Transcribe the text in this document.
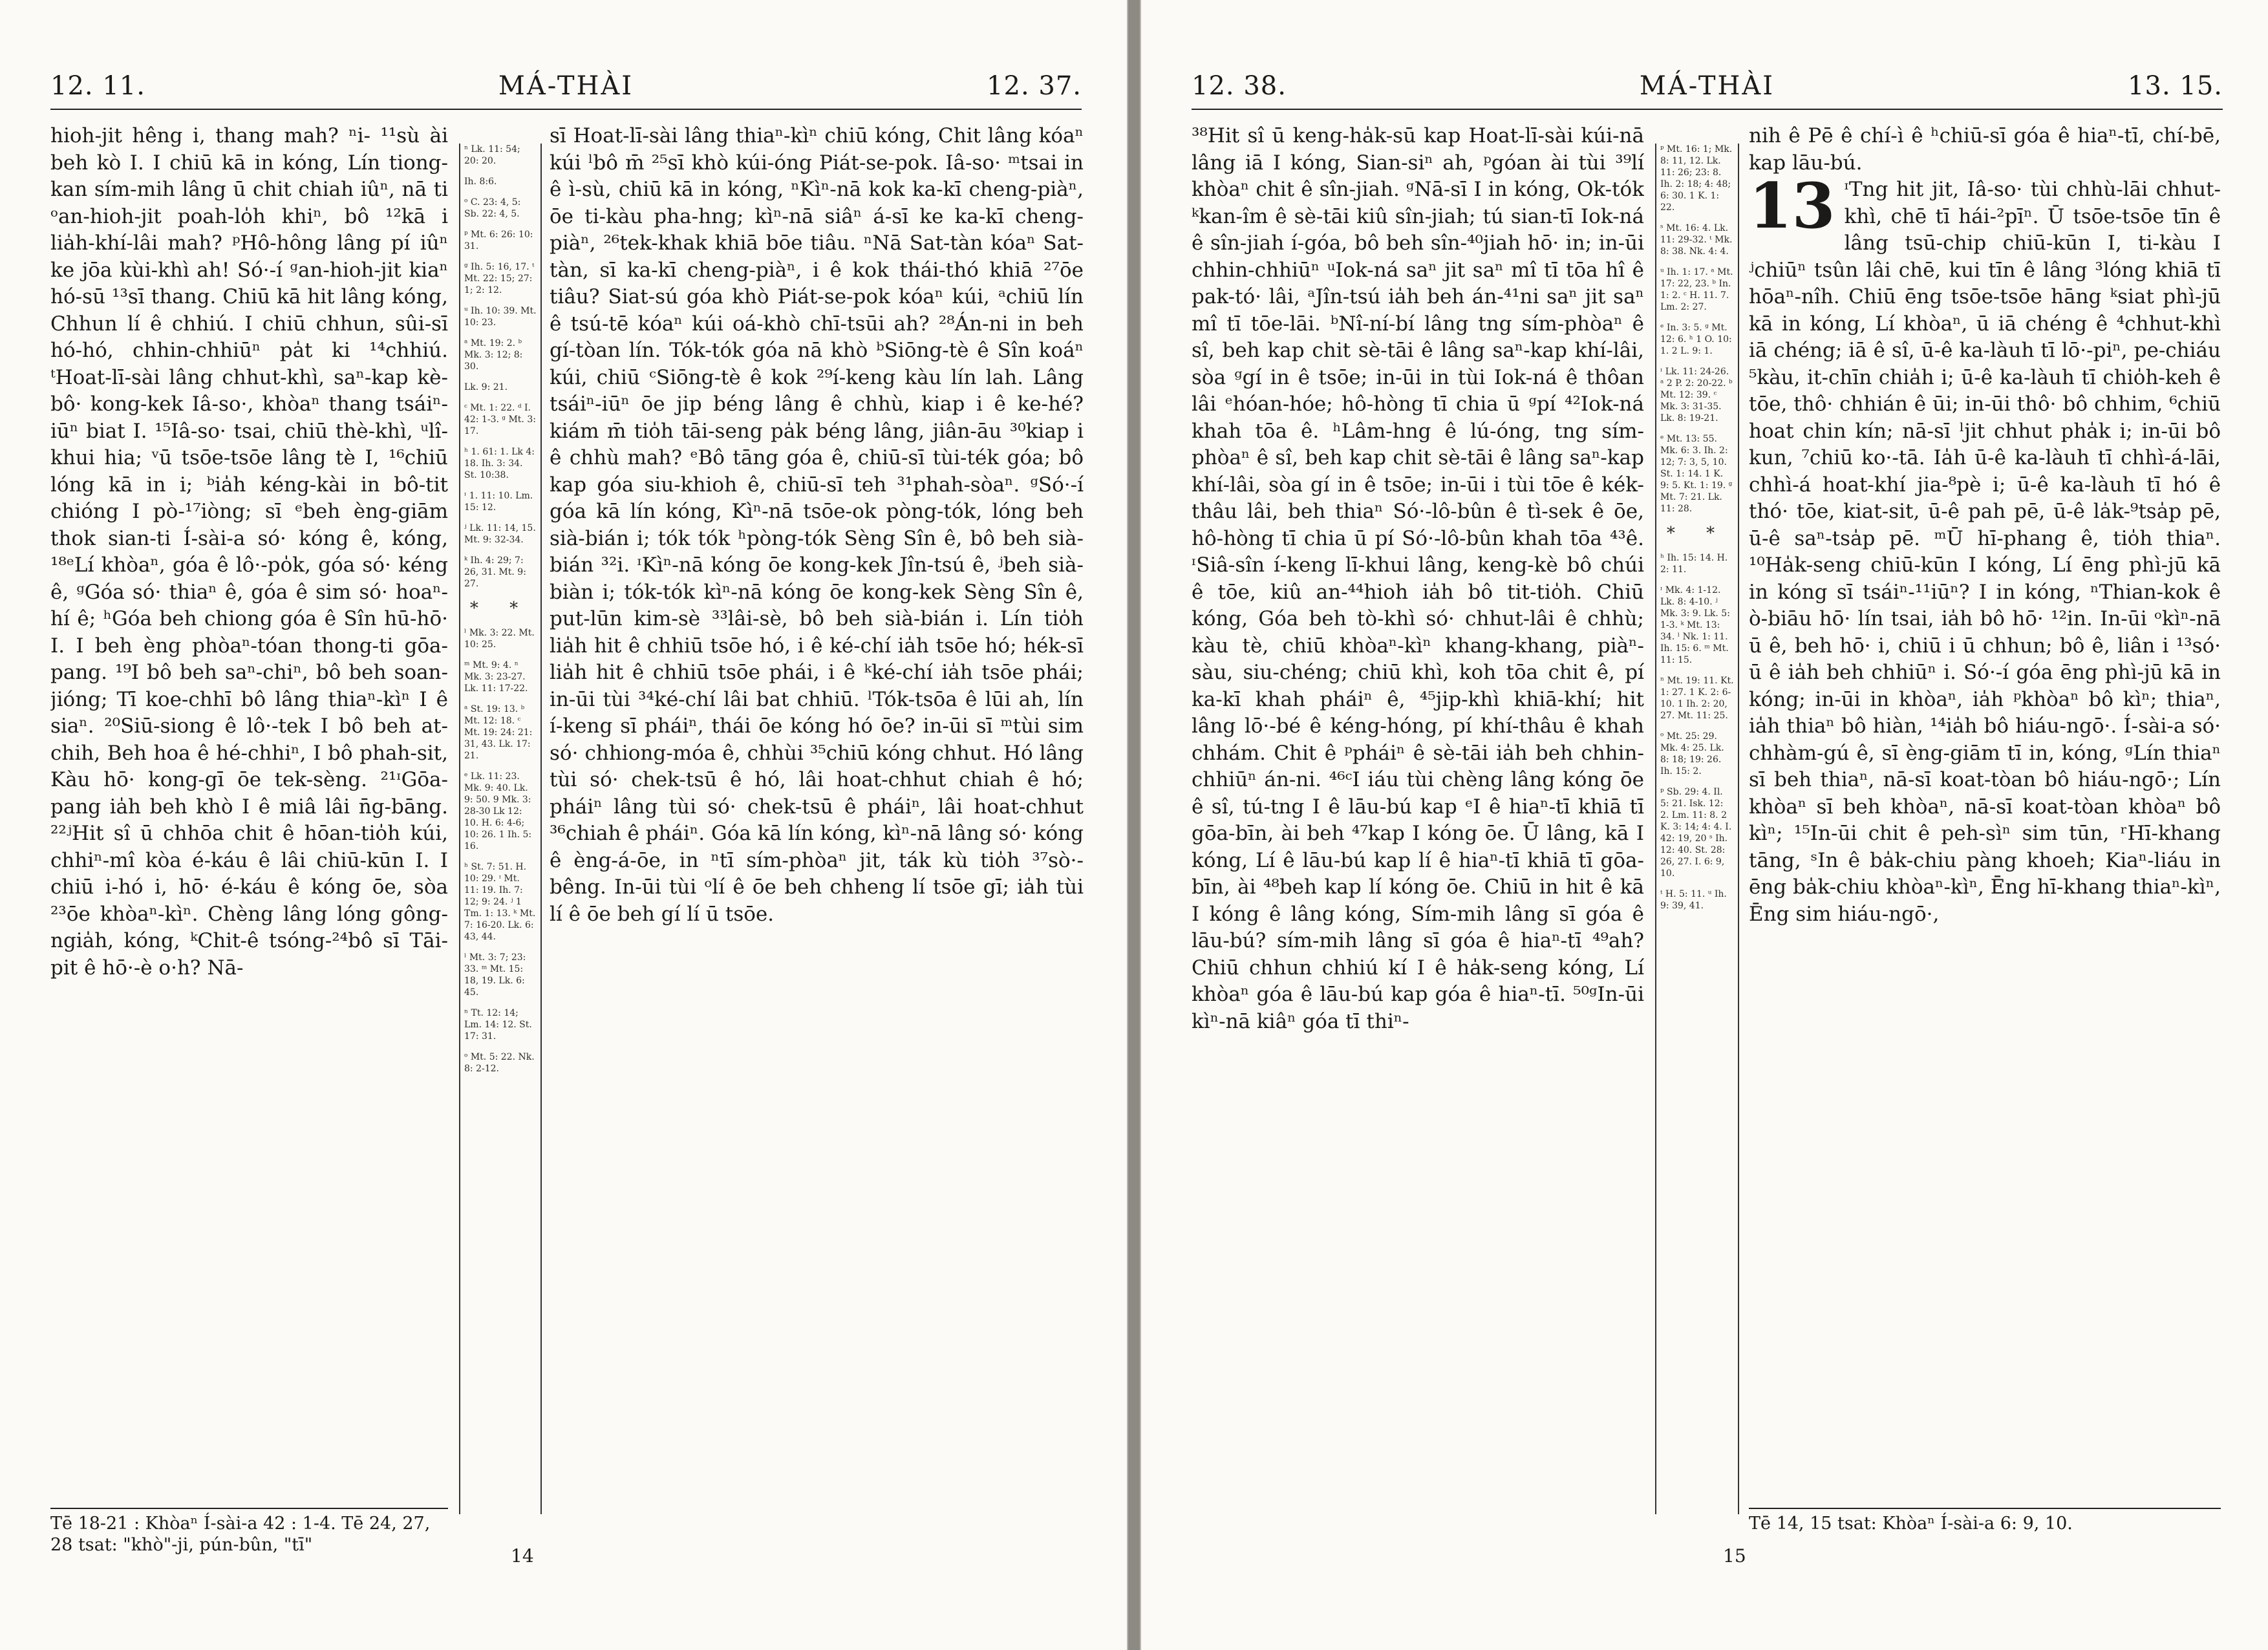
12. 11.	MÁ-THÀI	12. 37.

hioh-jit hêng i, thang mah? ⁿi- ¹¹sù ài beh kò I. I chiū kā in kóng, Lín tiong-kan sím-mih lâng ū chit chiah iûⁿ, nā ti ᵒan-hioh-jit poah-lo̍h khiⁿ, bô ¹²kā i lia̍h-khí-lâi mah? ᵖHô-hông lâng pí iûⁿ ke jōa kùi-khì ah! Só·-í ᵍan-hioh-jit kiaⁿ hó-sū ¹³sī thang. Chiū kā hit lâng kóng, Chhun lí ê chhiú. I chiū chhun, sûi-sī hó-hó, chhin-chhiūⁿ pa̍t ki ¹⁴chhiú. ᵗHoat-lī-sài lâng chhut-khì, saⁿ-kap kè-bô· kong-kek Iâ-so·, khòaⁿ thang tsáiⁿ-iūⁿ biat I. ¹⁵Iâ-so· tsai, chiū thè-khì, ᵘlî-khui hia; ᵛū tsōe-tsōe lâng tè I, ¹⁶chiū lóng kā in i; ᵇia̍h kéng-kài in bô-tit chióng I pò-¹⁷iòng; sī ᵉbeh èng-giām thok sian-ti Í-sài-a só· kóng ê, kóng, ¹⁸ᵉLí khòaⁿ, góa ê lô·-po̍k, góa só· kéng ê, ᵍGóa só· thiaⁿ ê, góa ê sim só· hoaⁿ-hí ê; ʰGóa beh chiong góa ê Sîn hū-hō· I. I beh èng phòaⁿ-tóan thong-ti gōa-pang. ¹⁹I bô beh saⁿ-chiⁿ, bô beh soan-jióng; Tī koe-chhī bô lâng thiaⁿ-kìⁿ I ê siaⁿ. ²⁰Siū-siong ê lô·-tek I bô beh at-chih, Beh hoa ê hé-chhiⁿ, I bô phah-sit, Kàu hō· kong-gī ōe tek-sèng. ²¹ᶦGōa-pang ia̍h beh khò I ê miâ lâi n̄g-bāng. ²²ʲHit sî ū chhōa chit ê hōan-tio̍h kúi, chhiⁿ-mî kòa é-káu ê lâi chiū-kūn I. I chiū i-hó i, hō· é-káu ê kóng ōe, sòa ²³ōe khòaⁿ-kìⁿ. Chèng lâng lóng gông-ngia̍h, kóng, ᵏChit-ê tsóng-²⁴bô sī Tāi-pit ê hō·-è o·h? Nā-

ⁿ Lk. 11: 54; 20: 20.
Ih. 8:6.
ᵒ C. 23: 4, 5: Sb. 22: 4, 5.
ᵖ Mt. 6: 26: 10: 31.
ᵍ Ih. 5: 16, 17. ᵗ Mt. 22: 15; 27: 1; 2: 12.
ᵘ Ih. 10: 39. Mt. 10: 23.
ᵃ Mt. 19: 2. ᵇ Mk. 3: 12; 8: 30.
Lk. 9: 21.
ᶜ Mt. 1: 22. ᵈ I. 42: 1-3. ᵍ Mt. 3: 17.
ʰ 1. 61: 1. Lk 4: 18. Ih. 3: 34. St. 10:38.
ᶦ 1. 11: 10. Lm. 15: 12.
ʲ Lk. 11: 14, 15. Mt. 9: 32-34.
ᵏ Ih. 4: 29; 7: 26, 31. Mt. 9: 27.
* *
ˡ Mk. 3: 22. Mt. 10: 25.
ᵐ Mt. 9: 4. ⁿ Mk. 3: 23-27. Lk. 11: 17-22.
ᵃ St. 19: 13. ᵇ Mt. 12: 18. ᶜ Mt. 19: 24: 21: 31, 43. Lk. 17: 21.
ᵉ Lk. 11: 23. Mk. 9: 40. Lk. 9: 50. 9 Mk. 3: 28-30 Lk 12: 10. H. 6: 4-6; 10: 26. 1 Ih. 5: 16.
ʰ St. 7: 51. H. 10: 29. ᶦ Mt. 11: 19. Ih. 7: 12; 9: 24. ʲ 1 Tm. 1: 13. ᵏ Mt. 7: 16-20. Lk. 6: 43, 44.
ˡ Mt. 3: 7; 23: 33. ᵐ Mt. 15: 18, 19. Lk. 6: 45.
ⁿ Tt. 12: 14; Lm. 14: 12. St. 17: 31.
ᵒ Mt. 5: 22. Nk. 8: 2-12.

sī Hoat-lī-sài lâng thiaⁿ-kìⁿ chiū kóng, Chit lâng kóaⁿ kúi ˡbô m̄ ²⁵sī khò kúi-óng Piát-se-pok. Iâ-so· ᵐtsai in ê ì-sù, chiū kā in kóng, ⁿKìⁿ-nā kok ka-kī cheng-piàⁿ, ōe ti-kàu pha-hng; kìⁿ-nā siâⁿ á-sī ke ka-kī cheng-piàⁿ, ²⁶tek-khak khiā bōe tiâu. ⁿNā Sat-tàn kóaⁿ Sat-tàn, sī ka-kī cheng-piàⁿ, i ê kok thái-thó khiā ²⁷ōe tiâu? Siat-sú góa khò Piát-se-pok kóaⁿ kúi, ᵃchiū lín ê tsú-tē kóaⁿ kúi oá-khò chī-tsūi ah? ²⁸Án-ni in beh gí-tòan lín. Tók-tók góa nā khò ᵇSiōng-tè ê Sîn koáⁿ kúi, chiū ᶜSiōng-tè ê kok ²⁹í-keng kàu lín lah. Lâng tsáiⁿ-iūⁿ ōe jip béng lâng ê chhù, kiap i ê ke-hé? kiám m̄ tio̍h tāi-seng pa̍k béng lâng, jiân-āu ³⁰kiap i ê chhù mah? ᵉBô tāng góa ê, chiū-sī tùi-ték góa; bô kap góa siu-khioh ê, chiū-sī teh ³¹phah-sòaⁿ. ᵍSó·-í góa kā lín kóng, Kìⁿ-nā tsōe-ok pòng-tók, lóng beh sià-bián i; tók tók ʰpòng-tók Sèng Sîn ê, bô beh sià-bián ³²i. ᶦKìⁿ-nā kóng ōe kong-kek Jîn-tsú ê, ʲbeh sià-biàn i; tók-tók kìⁿ-nā kóng ōe kong-kek Sèng Sîn ê, put-lūn kim-sè ³³lâi-sè, bô beh sià-bián i. Lín tio̍h lia̍h hit ê chhiū tsōe hó, i ê ké-chí ia̍h tsōe hó; hék-sī lia̍h hit ê chhiū tsōe phái, i ê ᵏké-chí ia̍h tsōe phái; in-ūi tùi ³⁴ké-chí lâi bat chhiū. ˡTók-tsōa ê lūi ah, lín í-keng sī pháiⁿ, thái ōe kóng hó ōe? in-ūi sī ᵐtùi sim só· chhiong-móa ê, chhùi ³⁵chiū kóng chhut. Hó lâng tùi só· chek-tsū ê hó, lâi hoat-chhut chiah ê hó; pháiⁿ lâng tùi só· chek-tsū ê pháiⁿ, lâi hoat-chhut ³⁶chiah ê pháiⁿ. Góa kā lín kóng, kìⁿ-nā lâng só· kóng ê èng-á-ōe, in ⁿtī sím-phòaⁿ jit, ták kù tio̍h ³⁷sò·-bêng. In-ūi tùi ᵒlí ê ōe beh chheng lí tsōe gī; ia̍h tùi lí ê ōe beh gí lí ū tsōe.

Tē 18-21 : Khòaⁿ Í-sài-a 42 : 1-4. Tē 24, 27, 28 tsat: "khò"-ji, pún-bûn, "tī"
14
12. 38.	MÁ-THÀI	13. 15.

³⁸Hit sî ū keng-ha̍k-sū kap Hoat-lī-sài kúi-nā lâng iā I kóng, Sian-siⁿ ah, ᵖgóan ài tùi ³⁹lí khòaⁿ chit ê sîn-jiah. ᵍNā-sī I in kóng, Ok-tók ᵏkan-îm ê sè-tāi kiû sîn-jiah; tú sian-tī Iok-ná ê sîn-jiah í-góa, bô beh sîn-⁴⁰jiah hō· in; in-ūi chhin-chhiūⁿ ᵘIok-ná saⁿ jit saⁿ mî tī tōa hî ê pak-tó· lâi, ᵃJîn-tsú ia̍h beh án-⁴¹ni saⁿ jit saⁿ mî tī tōe-lāi. ᵇNî-ní-bí lâng tng sím-phòaⁿ ê sî, beh kap chit sè-tāi ê lâng saⁿ-kap khí-lâi, sòa ᵍgí in ê tsōe; in-ūi in tùi Iok-ná ê thôan lâi ᵉhóan-hóe; hô-hòng tī chia ū ᵍpí ⁴²Iok-ná khah tōa ê. ʰLâm-hng ê lú-óng, tng sím-phòaⁿ ê sî, beh kap chit sè-tāi ê lâng saⁿ-kap khí-lâi, sòa gí in ê tsōe; in-ūi i tùi tōe ê kék-thâu lâi, beh thiaⁿ Só·-lô-bûn ê tì-sek ê ōe, hô-hòng tī chia ū pí Só·-lô-bûn khah tōa ⁴³ê. ᶦSiâ-sîn í-keng lī-khui lâng, keng-kè bô chúi ê tōe, kiû an-⁴⁴hioh ia̍h bô tit-tio̍h. Chiū kóng, Góa beh tò-khì só· chhut-lâi ê chhù; kàu tè, chiū khòaⁿ-kìⁿ khang-khang, piàⁿ-sàu, siu-chéng; chiū khì, koh tōa chit ê, pí ka-kī khah pháiⁿ ê, ⁴⁵jip-khì khiā-khí; hit lâng lō·-bé ê kéng-hóng, pí khí-thâu ê khah chhám. Chit ê ᵖpháiⁿ ê sè-tāi ia̍h beh chhin-chhiūⁿ án-ni. ⁴⁶ᶜI iáu tùi chèng lâng kóng ōe ê sî, tú-tng I ê lāu-bú kap ᵉI ê hiaⁿ-tī khiā tī gōa-bīn, ài beh ⁴⁷kap I kóng ōe. Ū lâng, kā I kóng, Lí ê lāu-bú kap lí ê hiaⁿ-tī khiā tī gōa-bīn, ài ⁴⁸beh kap lí kóng ōe. Chiū in hit ê kā I kóng ê lâng kóng, Sím-mih lâng sī góa ê lāu-bú? sím-mih lâng sī góa ê hiaⁿ-tī ⁴⁹ah? Chiū chhun chhiú kí I ê ha̍k-seng kóng, Lí khòaⁿ góa ê lāu-bú kap góa ê hiaⁿ-tī. ⁵⁰ᵍIn-ūi kìⁿ-nā kiâⁿ góa tī thiⁿ-

ᵖ Mt. 16: 1; Mk. 8: 11, 12. Lk. 11: 26; 23: 8. Ih. 2: 18; 4: 48; 6: 30. 1 K. 1: 22.
ˢ Mt. 16: 4. Lk. 11: 29-32. ᵗ Mk. 8: 38. Nk. 4: 4.
ᵘ Ih. 1: 17. ᵃ Mt. 17: 22, 23. ᵇ In. 1: 2. ᶜ H. 11. 7. Lm. 2: 27.
ᵉ In. 3: 5. ᵍ Mt. 12: 6. ʰ 1 O. 10: 1. 2 L. 9: 1.
ᶦ Lk. 11: 24-26. ᵃ 2 P. 2: 20-22. ᵇ Mt. 12: 39. ᶜ Mk. 3: 31-35. Lk. 8: 19-21.
ᵉ Mt. 13: 55. Mk. 6: 3. Ih. 2: 12; 7: 3, 5, 10. St. 1: 14. 1 K. 9: 5. Kt. 1: 19. ᵍ Mt. 7: 21. Lk. 11: 28.
* *
ʰ Ih. 15: 14. H. 2: 11.
ᶦ Mk. 4: 1-12. Lk. 8: 4-10. ʲ Mk. 3: 9. Lk. 5: 1-3. ᵏ Mt. 13: 34. ˡ Nk. 1: 11. Ih. 15: 6. ᵐ Mt. 11: 15.
ⁿ Mt. 19: 11. Kt. 1: 27. 1 K. 2: 6-10. 1 Ih. 2: 20, 27. Mt. 11: 25.
ᵒ Mt. 25: 29. Mk. 4: 25. Lk. 8: 18; 19: 26. Ih. 15: 2.
ᵖ Sb. 29: 4. Il. 5: 21. Isk. 12: 2. Lm. 11: 8. 2 K. 3: 14; 4: 4. I. 42: 19, 20 ˢ Ih. 12: 40. St. 28: 26, 27. I. 6: 9, 10.
ᵗ H. 5: 11. ᵘ Ih. 9: 39, 41.

nih ê Pē ê chí-ì ê ʰchiū-sī góa ê hiaⁿ-tī, chí-bē, kap lāu-bú.

13 ᶦTng hit jit, Iâ-so· tùi chhù-lāi chhut-khì, chē tī hái-²pīⁿ. Ū tsōe-tsōe tīn ê lâng tsū-chip chiū-kūn I, ti-kàu I ʲchiūⁿ tsûn lâi chē, kui tīn ê lâng ³lóng khiā tī hōaⁿ-nîh. Chiū ēng tsōe-tsōe hāng ᵏsiat phì-jū kā in kóng, Lí khòaⁿ, ū iā chéng ê ⁴chhut-khì iā chéng; iā ê sî, ū-ê ka-làuh tī lō·-piⁿ, pe-chiáu ⁵kàu, it-chīn chia̍h i; ū-ê ka-làuh tī chio̍h-keh ê tōe, thô· chhián ê ūi; in-ūi thô· bô chhim, ⁶chiū hoat chin kín; nā-sī ˡjit chhut pha̍k i; in-ūi bô kun, ⁷chiū ko·-tā. Ia̍h ū-ê ka-làuh tī chhì-á-lāi, chhì-á hoat-khí jia-⁸pè i; ū-ê ka-làuh tī hó ê thó· tōe, kiat-sit, ū-ê pah pē, ū-ê la̍k-⁹tsa̍p pē, ū-ê saⁿ-tsa̍p pē. ᵐŪ hī-phang ê, tio̍h thiaⁿ. ¹⁰Ha̍k-seng chiū-kūn I kóng, Lí ēng phì-jū kā in kóng sī tsáiⁿ-¹¹iūⁿ? I in kóng, ⁿThian-kok ê ò-biāu hō· lín tsai, ia̍h bô hō· ¹²in. In-ūi ᵒkìⁿ-nā ū ê, beh hō· i, chiū i ū chhun; bô ê, liân i ¹³só· ū ê ia̍h beh chhiūⁿ i. Só·-í góa ēng phì-jū kā in kóng; in-ūi in khòaⁿ, ia̍h ᵖkhòaⁿ bô kìⁿ; thiaⁿ, ia̍h thiaⁿ bô hiàn, ¹⁴ia̍h bô hiáu-ngō·. Í-sài-a só· chhàm-gú ê, sī èng-giām tī in, kóng, ᵍLín thiaⁿ sī beh thiaⁿ, nā-sī koat-tòan bô hiáu-ngō·; Lín khòaⁿ sī beh khòaⁿ, nā-sī koat-tòan khòaⁿ bô kìⁿ; ¹⁵In-ūi chit ê peh-sìⁿ sim tūn, ʳHī-khang tāng, ˢIn ê ba̍k-chiu pàng khoeh; Kiaⁿ-liáu in ēng ba̍k-chiu khòaⁿ-kìⁿ, Ēng hī-khang thiaⁿ-kìⁿ, Ēng sim hiáu-ngō·,

Tē 14, 15 tsat: Khòaⁿ Í-sài-a 6: 9, 10.
15
